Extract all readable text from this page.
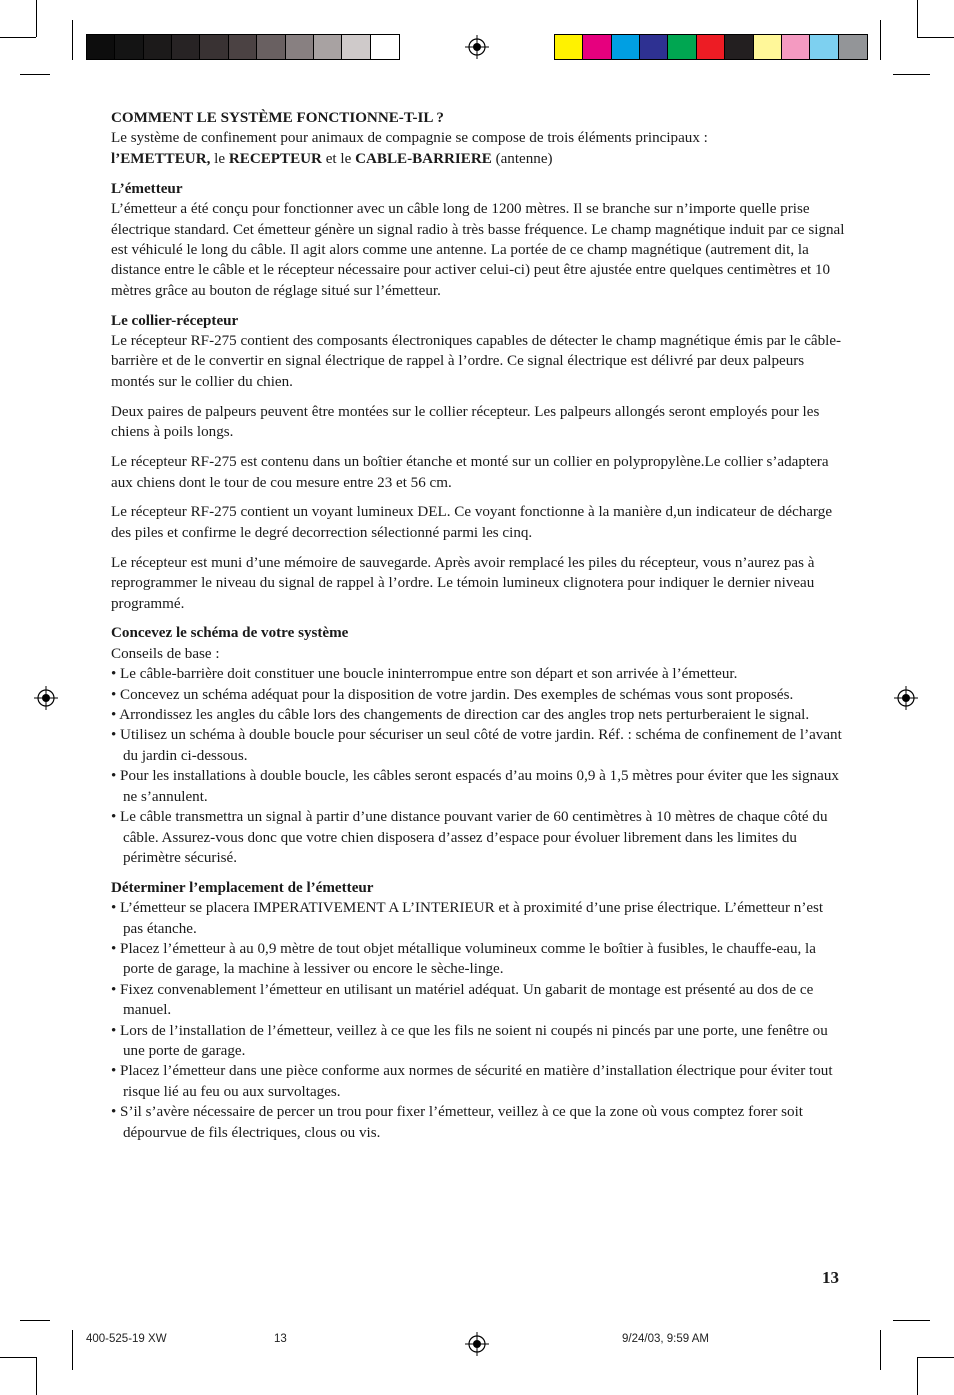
COMMENT LE SYSTÈME FONCTIONNE-T-IL ?

Le système de confinement pour animaux de compagnie se compose de trois éléments principaux :
l’EMETTEUR, le RECEPTEUR et le CABLE-BARRIERE (antenne)

L’émetteur

L’émetteur a été conçu pour fonctionner avec un câble long de 1200 mètres. Il se branche sur n’importe quelle prise électrique standard. Cet émetteur génère un signal radio à très basse fréquence. Le champ magnétique induit par ce signal est véhiculé le long du câble. Il agit alors comme une antenne. La portée de ce champ magnétique (autrement dit, la distance entre le câble et le récepteur nécessaire pour activer celui-ci) peut être ajustée entre quelques centimètres et 10 mètres grâce au bouton de réglage situé sur l’émetteur.

Le collier-récepteur

Le récepteur RF-275 contient des composants électroniques capables de détecter le champ magnétique émis par le câble-barrière et de le convertir en signal électrique de rappel à l’ordre. Ce signal électrique est délivré par deux palpeurs montés sur le collier du chien.

Deux paires de palpeurs peuvent être montées sur le collier récepteur. Les palpeurs allongés seront employés pour les chiens à poils longs.

Le récepteur RF-275 est contenu dans un boîtier étanche et monté sur un collier en polypropylène.Le collier s’adaptera aux chiens dont le tour de cou mesure entre 23 et 56 cm.

Le récepteur RF-275 contient un voyant lumineux DEL. Ce voyant fonctionne à la manière d,un indicateur de décharge des piles et confirme le degré decorrection sélectionné parmi les cinq.

Le récepteur est muni d’une mémoire de sauvegarde. Après avoir remplacé les piles du récepteur, vous n’aurez pas à reprogrammer le niveau du signal de rappel à l’ordre. Le témoin lumineux clignotera pour indiquer le dernier niveau programmé.

Concevez le schéma de votre système

Conseils de base :

• Le câble-barrière doit constituer une boucle ininterrompue entre son départ et son arrivée à l’émetteur.

• Concevez un schéma adéquat pour la disposition de votre jardin. Des exemples de schémas vous sont proposés.

• Arrondissez les angles du câble lors des changements de direction car des angles trop nets perturberaient le signal.

• Utilisez un schéma à double boucle pour sécuriser un seul côté de votre jardin. Réf. : schéma de confinement de l’avant du jardin ci-dessous.

• Pour les installations à double boucle, les câbles seront espacés d’au moins 0,9 à 1,5 mètres pour éviter que les signaux ne s’annulent.

• Le câble transmettra un signal à partir d’une distance pouvant varier de 60 centimètres à 10 mètres de chaque côté du câble. Assurez-vous donc que votre chien disposera d’assez d’espace pour évoluer librement dans les limites du périmètre sécurisé.

Déterminer l’emplacement de l’émetteur

• L’émetteur se placera IMPERATIVEMENT A L’INTERIEUR et à proximité d’une prise électrique. L’émetteur n’est pas étanche.

• Placez l’émetteur à au 0,9 mètre de tout objet métallique volumineux comme le boîtier à fusibles, le chauffe-eau, la porte de garage, la machine à lessiver ou encore le sèche-linge.

• Fixez convenablement l’émetteur en utilisant un matériel adéquat. Un gabarit de montage est présenté au dos de ce manuel.

• Lors de l’installation de l’émetteur, veillez à ce que les fils ne soient ni coupés ni pincés par une porte, une fenêtre ou une porte de garage.

• Placez l’émetteur dans une pièce conforme aux normes de sécurité en matière d’installation électrique pour éviter tout risque lié au feu ou aux survoltages.

• S’il s’avère nécessaire de percer un trou pour fixer l’émetteur, veillez à ce que la zone où vous comptez forer soit dépourvue de fils électriques, clous ou vis.

13
400-525-19 XW	13	9/24/03, 9:59 AM
